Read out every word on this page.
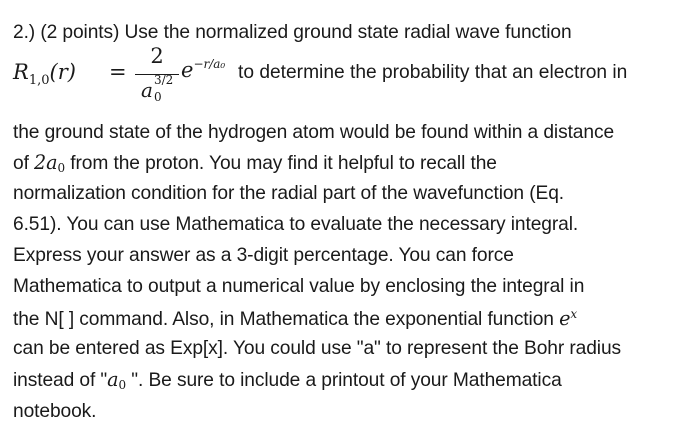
2.) (2 points) Use the normalized ground state radial wave function
$R_{1,0}(r)$ =
2
a 3/2
0
$e^{-r/a_0}$ to determine the probability that an electron in
the ground state of the hydrogen atom would be found within a distance
of $2a_0$ from the proton. You may find it helpful to recall the
normalization condition for the radial part of the wavefunction (Eq.
6.51). You can use Mathematica to evaluate the necessary integral.
Express your answer as a 3-digit percentage. You can force
Mathematica to output a numerical value by enclosing the integral in
the N[ ] command. Also, in Mathematica the exponential function $e^x$
can be entered as Exp[x]. You could use "a" to represent the Bohr radius
instead of "$a_0$ ". Be sure to include a printout of your Mathematica
notebook.
